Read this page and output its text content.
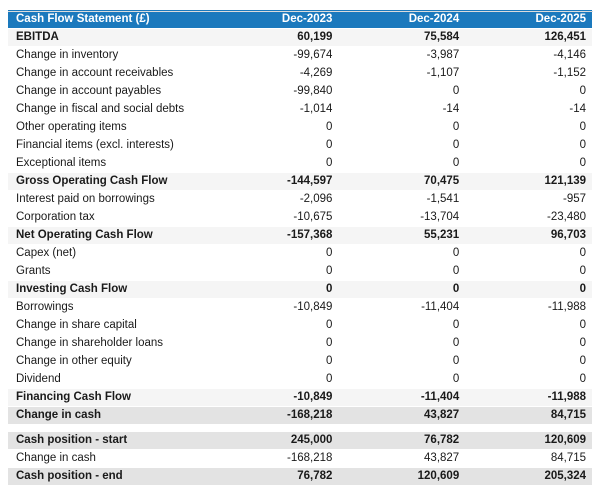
Cash Flow Statement (£)	Dec-2023	Dec-2024	Dec-2025
EBITDA	60,199	75,584	126,451
Change in inventory	-99,674	-3,987	-4,146
Change in account receivables	-4,269	-1,107	-1,152
Change in account payables	-99,840	0	0
Change in fiscal and social debts	-1,014	-14	-14
Other operating items	0	0	0
Financial items (excl. interests)	0	0	0
Exceptional items	0	0	0
Gross Operating Cash Flow	-144,597	70,475	121,139
Interest paid on borrowings	-2,096	-1,541	-957
Corporation tax	-10,675	-13,704	-23,480
Net Operating Cash Flow	-157,368	55,231	96,703
Capex (net)	0	0	0
Grants	0	0	0
Investing Cash Flow	0	0	0
Borrowings	-10,849	-11,404	-11,988
Change in share capital	0	0	0
Change in shareholder loans	0	0	0
Change in other equity	0	0	0
Dividend	0	0	0
Financing Cash Flow	-10,849	-11,404	-11,988
Change in cash	-168,218	43,827	84,715
Cash position - start	245,000	76,782	120,609
Change in cash	-168,218	43,827	84,715
Cash position - end	76,782	120,609	205,324
